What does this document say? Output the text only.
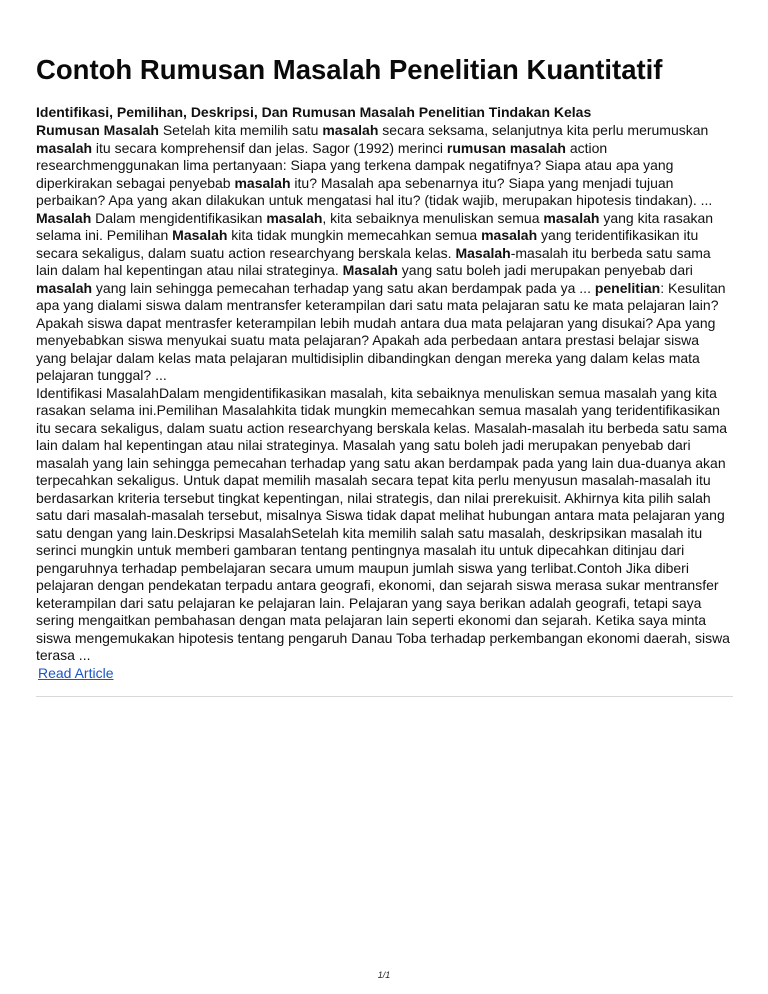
Contoh Rumusan Masalah Penelitian Kuantitatif

Identifikasi, Pemilihan, Deskripsi, Dan Rumusan Masalah Penelitian Tindakan Kelas

Rumusan Masalah Setelah kita memilih satu masalah secara seksama, selanjutnya kita perlu merumuskan masalah itu secara komprehensif dan jelas. Sagor (1992) merinci rumusan masalah action researchmenggunakan lima pertanyaan: Siapa yang terkena dampak negatifnya? Siapa atau apa yang diperkirakan sebagai penyebab masalah itu? Masalah apa sebenarnya itu? Siapa yang menjadi tujuan perbaikan? Apa yang akan dilakukan untuk mengatasi hal itu? (tidak wajib, merupakan hipotesis tindakan). ... Masalah Dalam mengidentifikasikan masalah, kita sebaiknya menuliskan semua masalah yang kita rasakan selama ini. Pemilihan Masalah kita tidak mungkin memecahkan semua masalah yang teridentifikasikan itu secara sekaligus, dalam suatu action researchyang berskala kelas. Masalah-masalah itu berbeda satu sama lain dalam hal kepentingan atau nilai strateginya. Masalah yang satu boleh jadi merupakan penyebab dari masalah yang lain sehingga pemecahan terhadap yang satu akan berdampak pada ya ... penelitian: Kesulitan apa yang dialami siswa dalam mentransfer keterampilan dari satu mata pelajaran satu ke mata pelajaran lain? Apakah siswa dapat mentrasfer keterampilan lebih mudah antara dua mata pelajaran yang disukai? Apa yang menyebabkan siswa menyukai suatu mata pelajaran? Apakah ada perbedaan antara prestasi belajar siswa yang belajar dalam kelas mata pelajaran multidisiplin dibandingkan dengan mereka yang dalam kelas mata pelajaran tunggal? ...

Identifikasi MasalahDalam mengidentifikasikan masalah, kita sebaiknya menuliskan semua masalah yang kita rasakan selama ini.Pemilihan Masalahkita tidak mungkin memecahkan semua masalah yang teridentifikasikan itu secara sekaligus, dalam suatu action researchyang berskala kelas. Masalah-masalah itu berbeda satu sama lain dalam hal kepentingan atau nilai strateginya. Masalah yang satu boleh jadi merupakan penyebab dari masalah yang lain sehingga pemecahan terhadap yang satu akan berdampak pada yang lain dua-duanya akan terpecahkan sekaligus. Untuk dapat memilih masalah secara tepat kita perlu menyusun masalah-masalah itu berdasarkan kriteria tersebut tingkat kepentingan, nilai strategis, dan nilai prerekuisit. Akhirnya kita pilih salah satu dari masalah-masalah tersebut, misalnya Siswa tidak dapat melihat hubungan antara mata pelajaran yang satu dengan yang lain.Deskripsi MasalahSetelah kita memilih salah satu masalah, deskripsikan masalah itu serinci mungkin untuk memberi gambaran tentang pentingnya masalah itu untuk dipecahkan ditinjau dari pengaruhnya terhadap pembelajaran secara umum maupun jumlah siswa yang terlibat.Contoh Jika diberi pelajaran dengan pendekatan terpadu antara geografi, ekonomi, dan sejarah siswa merasa sukar mentransfer keterampilan dari satu pelajaran ke pelajaran lain. Pelajaran yang saya berikan adalah geografi, tetapi saya sering mengaitkan pembahasan dengan mata pelajaran lain seperti ekonomi dan sejarah. Ketika saya minta siswa mengemukakan hipotesis tentang pengaruh Danau Toba terhadap perkembangan ekonomi daerah, siswa terasa ...

Read Article
1/1
